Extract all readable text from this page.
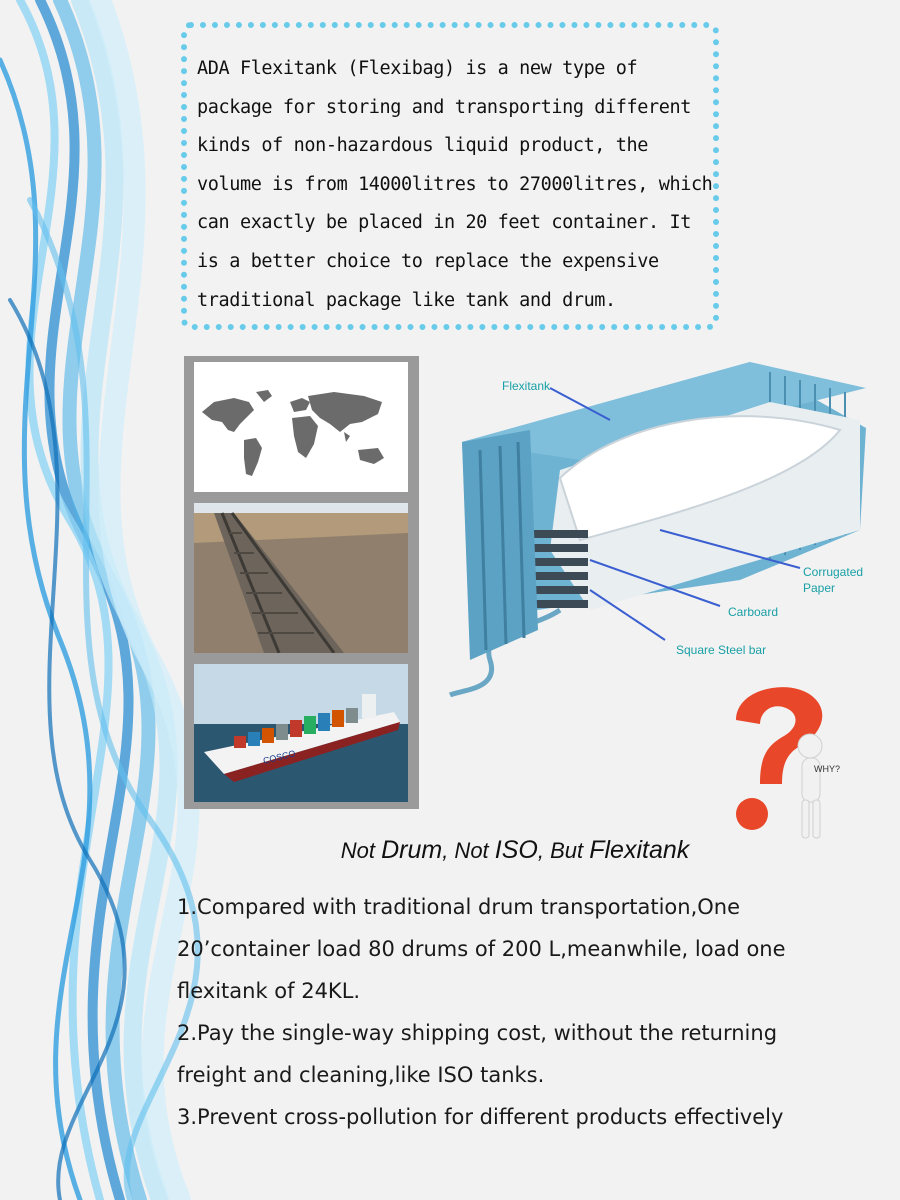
ADA Flexitank (Flexibag) is a new type of
package for storing and transporting different
kinds of non-hazardous liquid product, the
volume is from 14000litres to 27000litres, which
can exactly be placed in 20 feet container. It
is a better choice to replace the expensive
traditional package like tank and drum.
COSCO
Flexitank
Corrugated
Paper
Carboard
Square Steel bar
WHY?
Not Drum, Not ISO, But Flexitank
1.Compared with traditional drum transportation,One
20’container load 80 drums of 200 L,meanwhile, load one
flexitank of 24KL.
2.Pay the single-way shipping cost, without the returning
freight and cleaning,like ISO tanks.
3.Prevent cross-pollution for different products effectively
